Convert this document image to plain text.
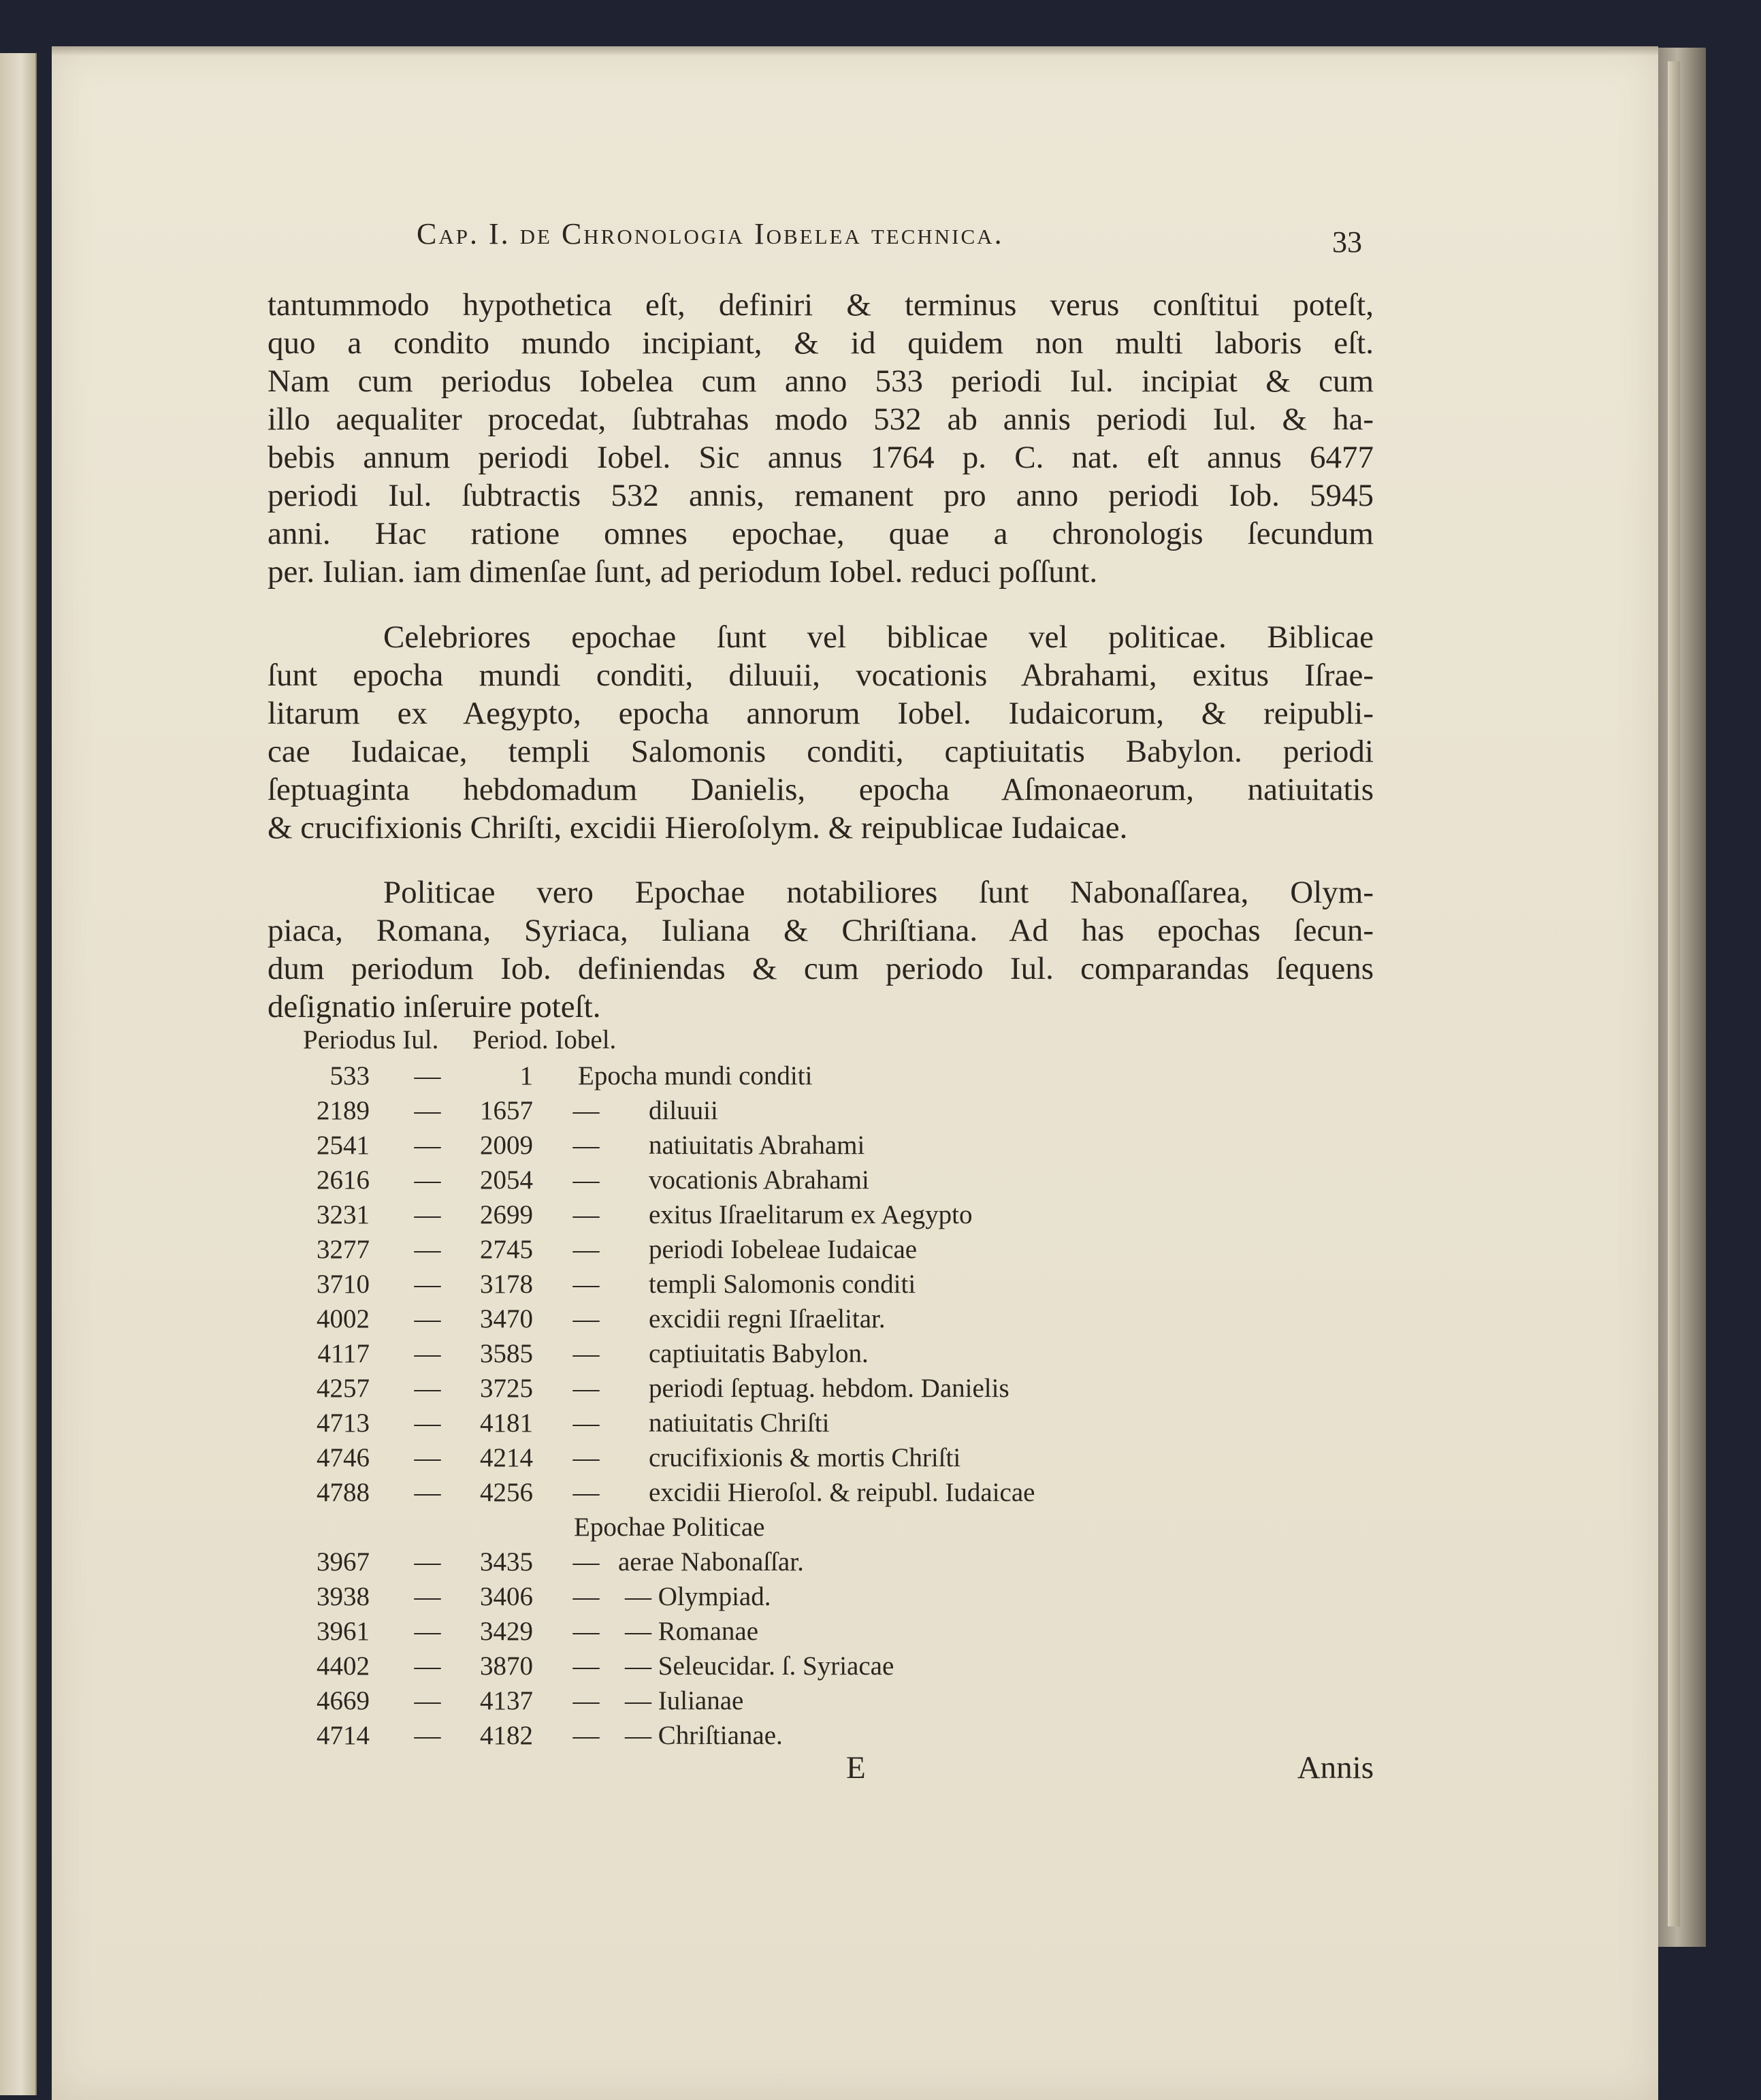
Cap. I. de Chronologia Iobelea technica.	33
tantummodo hypothetica eſt, definiri & terminus verus conſtitui poteſt,
quo a condito mundo incipiant, & id quidem non multi laboris eſt.
Nam cum periodus Iobelea cum anno 533 periodi Iul. incipiat & cum
illo aequaliter procedat, ſubtrahas modo 532 ab annis periodi Iul. & ha-
bebis annum periodi Iobel. Sic annus 1764 p. C. nat. eſt annus 6477
periodi Iul. ſubtractis 532 annis, remanent pro anno periodi Iob. 5945
anni. Hac ratione omnes epochae, quae a chronologis ſecundum
per. Iulian. iam dimenſae ſunt, ad periodum Iobel. reduci poſſunt.
Celebriores epochae ſunt vel biblicae vel politicae. Biblicae
ſunt epocha mundi conditi, diluuii, vocationis Abrahami, exitus Iſrae-
litarum ex Aegypto, epocha annorum Iobel. Iudaicorum, & reipubli-
cae Iudaicae, templi Salomonis conditi, captiuitatis Babylon. periodi
ſeptuaginta hebdomadum Danielis, epocha Aſmonaeorum, natiuitatis
& crucifixionis Chriſti, excidii Hieroſolym. & reipublicae Iudaicae.
Politicae vero Epochae notabiliores ſunt Nabonaſſarea, Olym-
piaca, Romana, Syriaca, Iuliana & Chriſtiana. Ad has epochas ſecun-
dum periodum Iob. definiendas & cum periodo Iul. comparandas ſequens
deſignatio inſeruire poteſt.
Periodus Iul. Period. Iobel.
533 —	1 Epocha mundi conditi
2189 —	1657 — diluuii
2541 —	2009 — natiuitatis Abrahami
2616 —	2054 — vocationis Abrahami
3231 —	2699 — exitus Iſraelitarum ex Aegypto
3277 —	2745 — periodi Iobeleae Iudaicae
3710 —	3178 — templi Salomonis conditi
4002 —	3470 — excidii regni Iſraelitar.
4117 —	3585 — captiuitatis Babylon.
4257 —	3725 — periodi ſeptuag. hebdom. Danielis
4713 —	4181 — natiuitatis Chriſti
4746 —	4214 — crucifixionis & mortis Chriſti
4788 —	4256 — excidii Hieroſol. & reipubl. Iudaicae
Epochae Politicae
3967 —	3435 — aerae Nabonaſſar.
3938 —	3406 — — Olympiad.
3961 —	3429 — — Romanae
4402 —	3870 — — Seleucidar. ſ. Syriacae
4669 —	4137 — — Iulianae
4714 —	4182 — — Chriſtianae.
E	Annis
